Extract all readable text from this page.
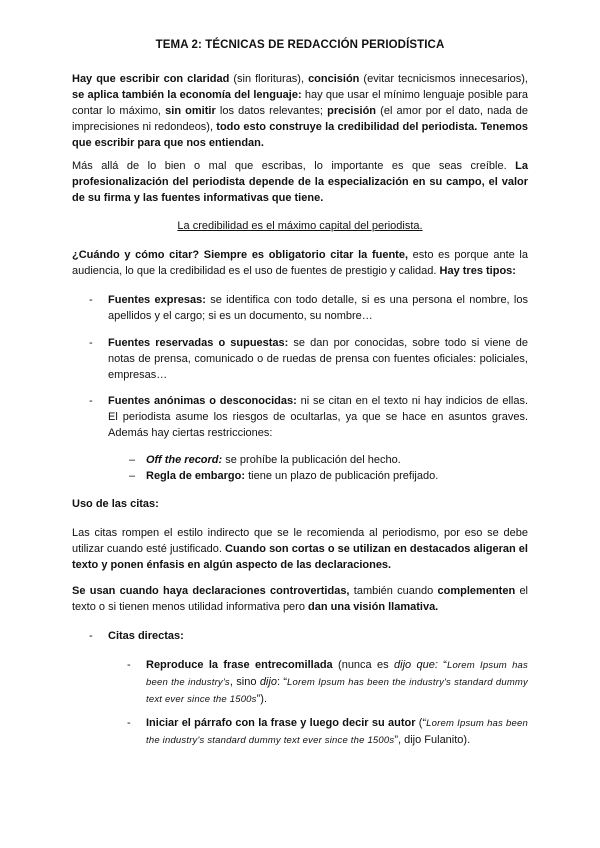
TEMA 2: TÉCNICAS DE REDACCIÓN PERIODÍSTICA

Hay que escribir con claridad (sin florituras), concisión (evitar tecnicismos innecesarios), se aplica también la economía del lenguaje: hay que usar el mínimo lenguaje posible para contar lo máximo, sin omitir los datos relevantes; precisión (el amor por el dato, nada de imprecisiones ni redondeos), todo esto construye la credibilidad del periodista. Tenemos que escribir para que nos entiendan.

Más allá de lo bien o mal que escribas, lo importante es que seas creíble. La profesionalización del periodista depende de la especialización en su campo, el valor de su firma y las fuentes informativas que tiene.

La credibilidad es el máximo capital del periodista.

¿Cuándo y cómo citar? Siempre es obligatorio citar la fuente, esto es porque ante la audiencia, lo que la credibilidad es el uso de fuentes de prestigio y calidad. Hay tres tipos:

- Fuentes expresas: se identifica con todo detalle, si es una persona el nombre, los apellidos y el cargo; si es un documento, su nombre…

- Fuentes reservadas o supuestas: se dan por conocidas, sobre todo si viene de notas de prensa, comunicado o de ruedas de prensa con fuentes oficiales: policiales, empresas…

- Fuentes anónimas o desconocidas: ni se citan en el texto ni hay indicios de ellas. El periodista asume los riesgos de ocultarlas, ya que se hace en asuntos graves. Además hay ciertas restricciones:

– Off the record: se prohíbe la publicación del hecho.

– Regla de embargo: tiene un plazo de publicación prefijado.

Uso de las citas:

Las citas rompen el estilo indirecto que se le recomienda al periodismo, por eso se debe utilizar cuando esté justificado. Cuando son cortas o se utilizan en destacados aligeran el texto y ponen énfasis en algún aspecto de las declaraciones.

Se usan cuando haya declaraciones controvertidas, también cuando complementen el texto o si tienen menos utilidad informativa pero dan una visión llamativa.

- Citas directas:

- Reproduce la frase entrecomillada (nunca es dijo que: “Lorem Ipsum has been the industry's, sino dijo: “Lorem Ipsum has been the industry's standard dummy text ever since the 1500s”).

- Iniciar el párrafo con la frase y luego decir su autor (“Lorem Ipsum has been the industry's standard dummy text ever since the 1500s”, dijo Fulanito).
